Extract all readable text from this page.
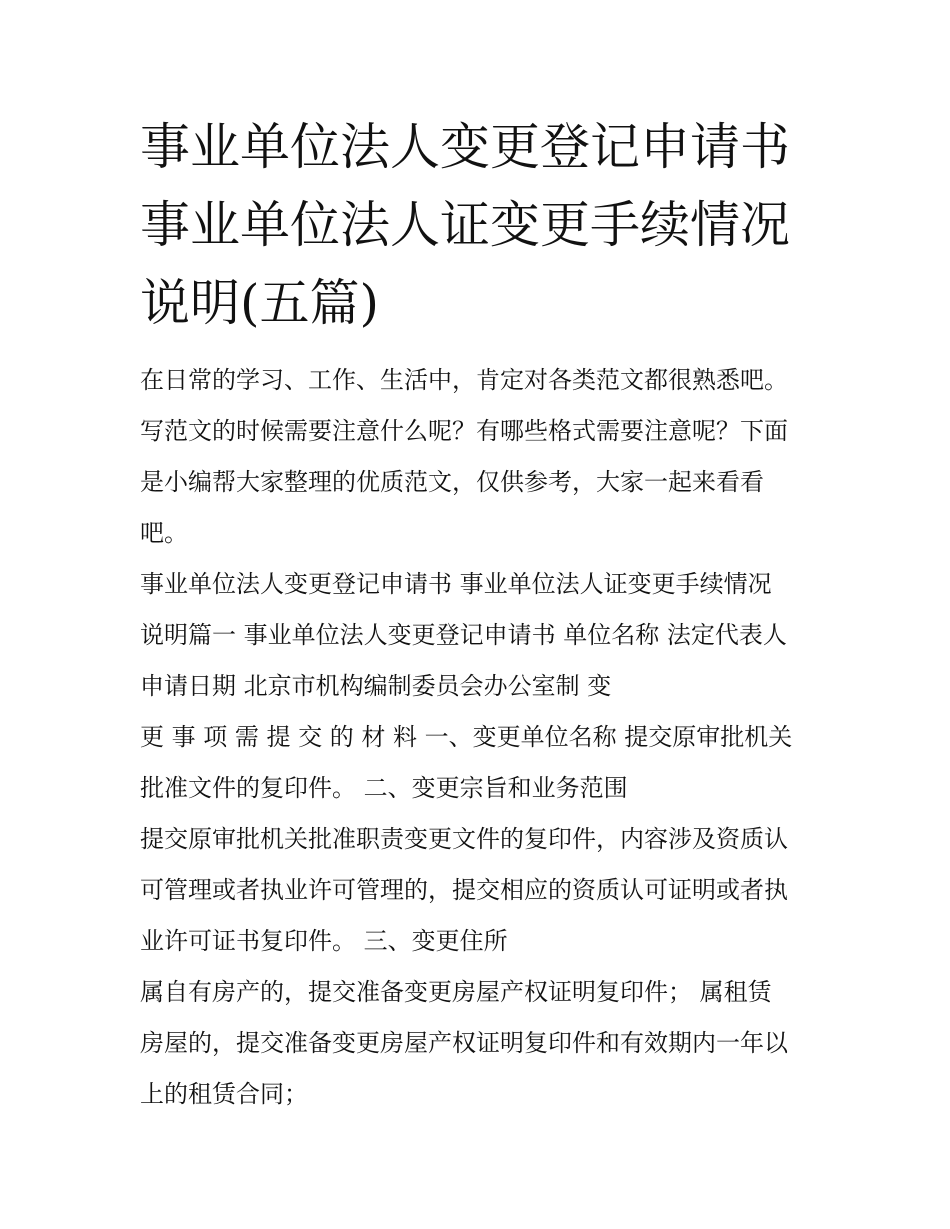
事业单位法人变更登记申请书
事业单位法人证变更手续情况
说明(五篇)
在日常的学习、工作、生活中，肯定对各类范文都很熟悉吧。
写范文的时候需要注意什么呢？有哪些格式需要注意呢？下面
是小编帮大家整理的优质范文，仅供参考，大家一起来看看
吧。
事业单位法人变更登记申请书 事业单位法人证变更手续情况
说明篇一 事业单位法人变更登记申请书 单位名称 法定代表人
申请日期 北京市机构编制委员会办公室制 变
更 事 项 需 提 交 的 材 料 一、变更单位名称 提交原审批机关
批准文件的复印件。 二、变更宗旨和业务范围
提交原审批机关批准职责变更文件的复印件，内容涉及资质认
可管理或者执业许可管理的，提交相应的资质认可证明或者执
业许可证书复印件。 三、变更住所
属自有房产的，提交准备变更房屋产权证明复印件； 属租赁
房屋的，提交准备变更房屋产权证明复印件和有效期内一年以
上的租赁合同；
